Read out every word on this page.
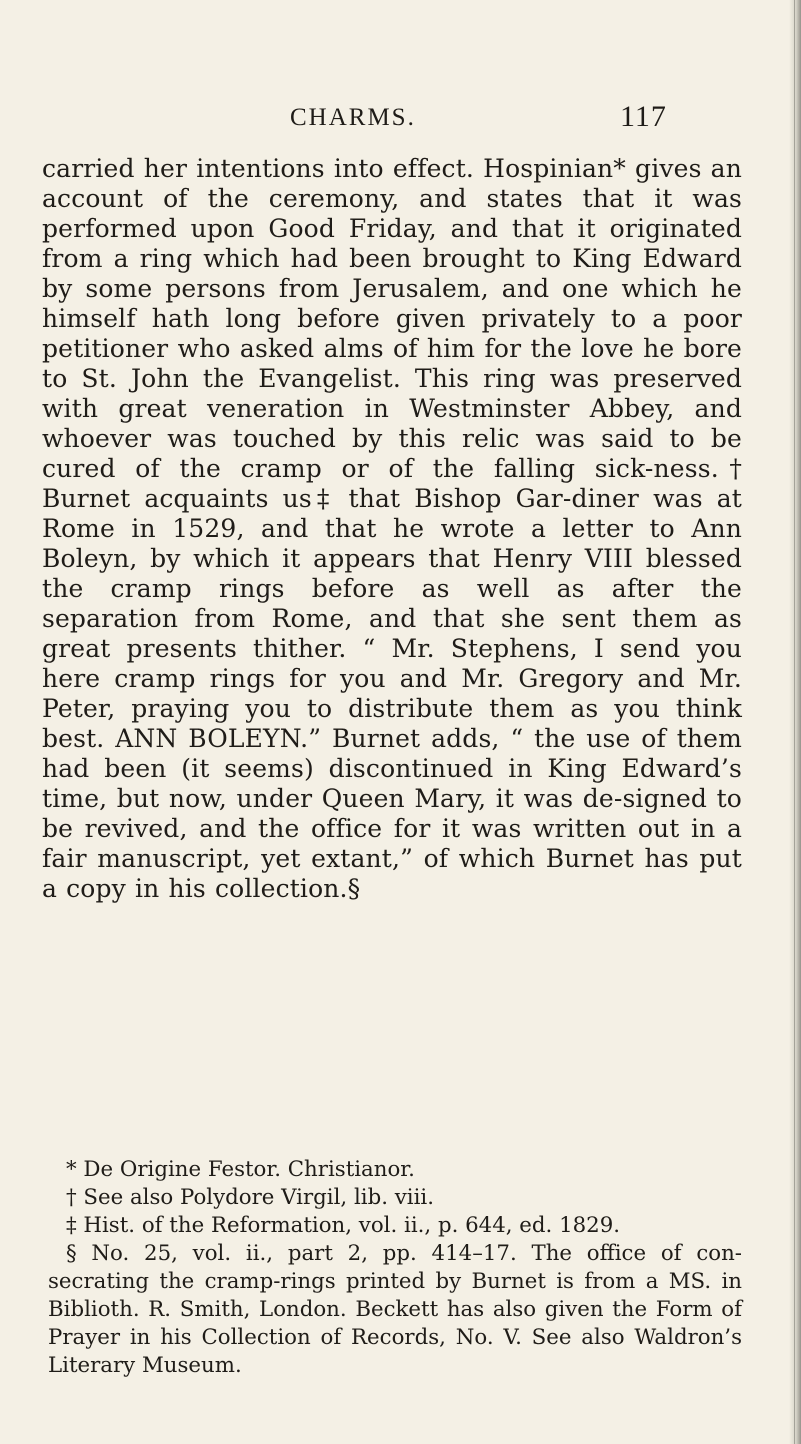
CHARMS.	117

carried her intentions into effect. Hospinian* gives an account of the ceremony, and states that it was performed upon Good Friday, and that it originated from a ring which had been brought to King Edward by some persons from Jerusalem, and one which he himself hath long before given privately to a poor petitioner who asked alms of him for the love he bore to St. John the Evangelist. This ring was preserved with great veneration in Westminster Abbey, and whoever was touched by this relic was said to be cured of the cramp or of the falling sick-ness.† Burnet acquaints us‡ that Bishop Gar-diner was at Rome in 1529, and that he wrote a letter to Ann Boleyn, by which it appears that Henry VIII blessed the cramp rings before as well as after the separation from Rome, and that she sent them as great presents thither. “ Mr. Stephens, I send you here cramp rings for you and Mr. Gregory and Mr. Peter, praying you to distribute them as you think best. ANN BOLEYN.” Burnet adds, “ the use of them had been (it seems) discontinued in King Edward’s time, but now, under Queen Mary, it was de-signed to be revived, and the office for it was written out in a fair manuscript, yet extant,” of which Burnet has put a copy in his collection.§

* De Origine Festor. Christianor.

† See also Polydore Virgil, lib. viii.

‡ Hist. of the Reformation, vol. ii., p. 644, ed. 1829.

§ No. 25, vol. ii., part 2, pp. 414–17. The office of con-secrating the cramp-rings printed by Burnet is from a MS. in Biblioth. R. Smith, London. Beckett has also given the Form of Prayer in his Collection of Records, No. V. See also Waldron’s Literary Museum.
